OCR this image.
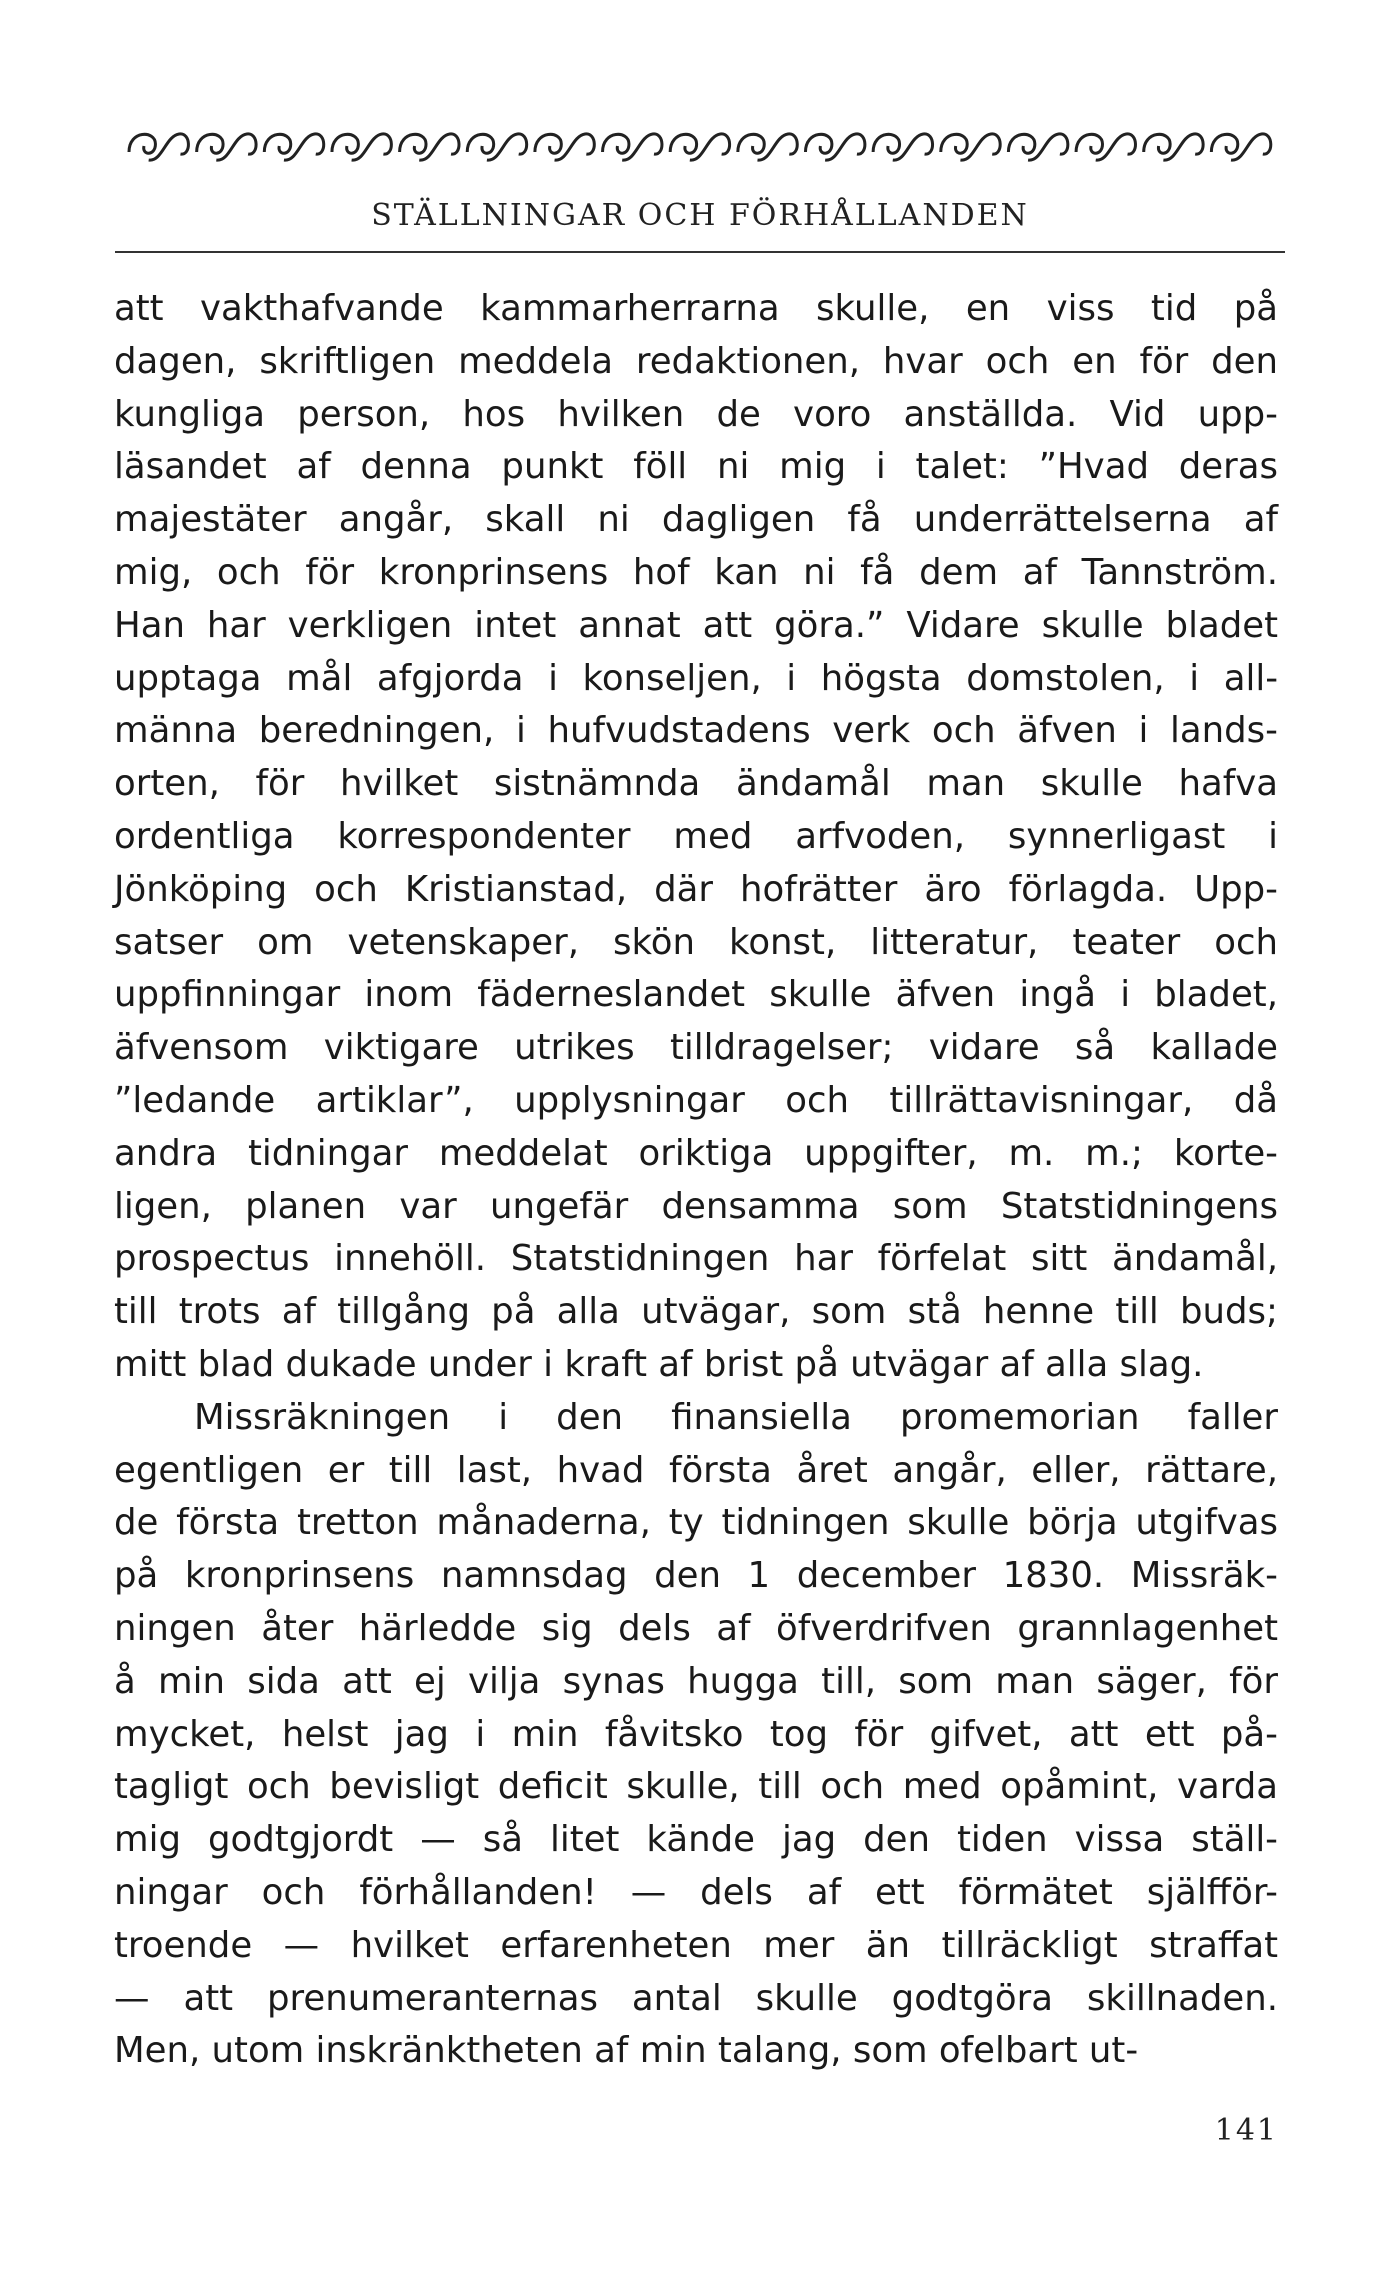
STÄLLNINGAR OCH FÖRHÅLLANDEN
att vakthafvande kammarherrarna skulle, en viss tid på
dagen, skriftligen meddela redaktionen, hvar och en för den
kungliga person, hos hvilken de voro anställda. Vid upp-
läsandet af denna punkt föll ni mig i talet: ”Hvad deras
majestäter angår, skall ni dagligen få underrättelserna af
mig, och för kronprinsens hof kan ni få dem af Tannström.
Han har verkligen intet annat att göra.” Vidare skulle bladet
upptaga mål afgjorda i konseljen, i högsta domstolen, i all-
männa beredningen, i hufvudstadens verk och äfven i lands-
orten, för hvilket sistnämnda ändamål man skulle hafva
ordentliga korrespondenter med arfvoden, synnerligast i
Jönköping och Kristianstad, där hofrätter äro förlagda. Upp-
satser om vetenskaper, skön konst, litteratur, teater och
uppfinningar inom fäderneslandet skulle äfven ingå i bladet,
äfvensom viktigare utrikes tilldragelser; vidare så kallade
”ledande artiklar”, upplysningar och tillrättavisningar, då
andra tidningar meddelat oriktiga uppgifter, m. m.; korte-
ligen, planen var ungefär densamma som Statstidningens
prospectus innehöll. Statstidningen har förfelat sitt ändamål,
till trots af tillgång på alla utvägar, som stå henne till buds;
mitt blad dukade under i kraft af brist på utvägar af alla slag.
Missräkningen i den finansiella promemorian faller
egentligen er till last, hvad första året angår, eller, rättare,
de första tretton månaderna, ty tidningen skulle börja utgifvas
på kronprinsens namnsdag den 1 december 1830. Missräk-
ningen åter härledde sig dels af öfverdrifven grannlagenhet
å min sida att ej vilja synas hugga till, som man säger, för
mycket, helst jag i min fåvitsko tog för gifvet, att ett på-
tagligt och bevisligt deficit skulle, till och med opåmint, varda
mig godtgjordt — så litet kände jag den tiden vissa ställ-
ningar och förhållanden! — dels af ett förmätet själfför-
troende — hvilket erfarenheten mer än tillräckligt straffat
— att prenumeranternas antal skulle godtgöra skillnaden.
Men, utom inskränktheten af min talang, som ofelbart ut-
141
